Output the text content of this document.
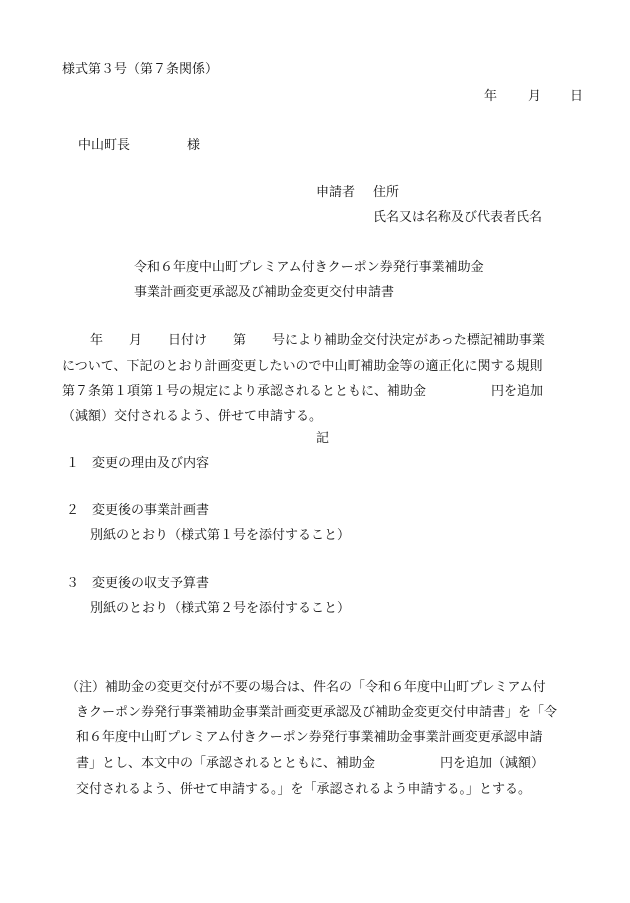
様式第３号（第７条関係）
年 月 日
中山町長	様
申請者 住所
氏名又は名称及び代表者氏名
令和６年度中山町プレミアム付きクーポン券発行事業補助金
事業計画変更承認及び補助金変更交付申請書
年　　月　　日付け　　第　　号により補助金交付決定があった標記補助事業
について、下記のとおり計画変更したいので中山町補助金等の適正化に関する規則
第７条第１項第１号の規定により承認されるとともに、補助金　　　　　円を追加
（減額）交付されるよう、併せて申請する。
記
１ 変更の理由及び内容
２ 変更後の事業計画書
別紙のとおり（様式第１号を添付すること）
３ 変更後の収支予算書
別紙のとおり（様式第２号を添付すること）
（注）補助金の変更交付が不要の場合は、件名の「令和６年度中山町プレミアム付
きクーポン券発行事業補助金事業計画変更承認及び補助金変更交付申請書」を「令
和６年度中山町プレミアム付きクーポン券発行事業補助金事業計画変更承認申請
書」とし、本文中の「承認されるとともに、補助金　　　　　円を追加（減額）
交付されるよう、併せて申請する。」を「承認されるよう申請する。」とする。
